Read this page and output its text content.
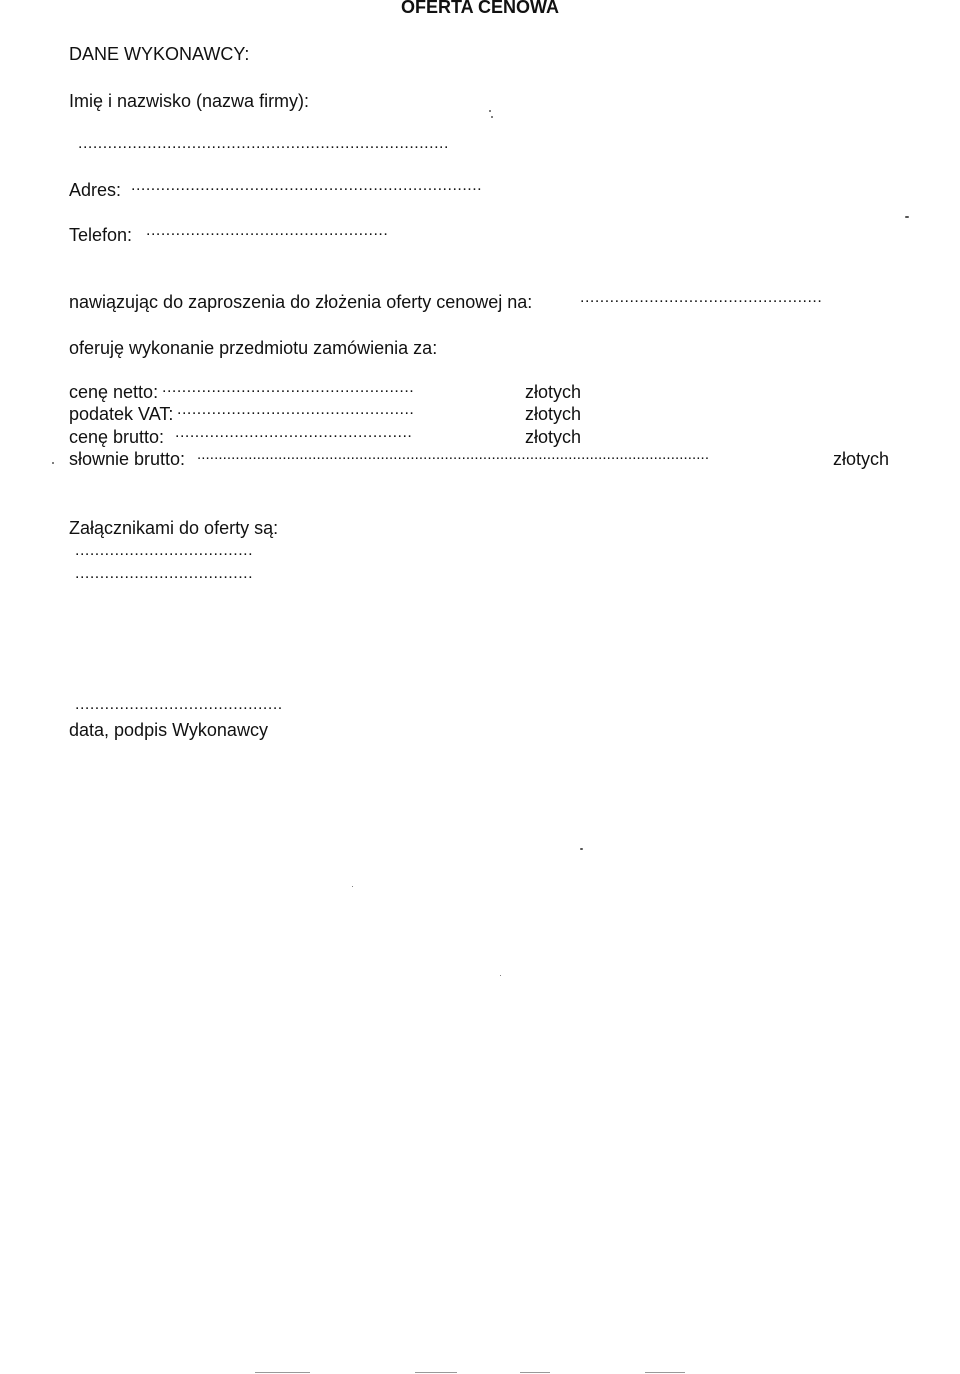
OFERTA CENOWA
DANE WYKONAWCY:
Imię i nazwisko (nazwa firmy):
...........................................................................
Adres: .......................................................................
Telefon: .................................................
nawiązując do zaproszenia do złożenia oferty cenowej na:	.................................................
oferuję wykonanie przedmiotu zamówienia za:
cenę netto: ...................................................	złotych
podatek VAT: ................................................	złotych
cenę brutto: ................................................	złotych
słownie brutto: ........................................................................................................................	złotych
Załącznikami do oferty są:
....................................
....................................
..........................................
data, podpis Wykonawcy
